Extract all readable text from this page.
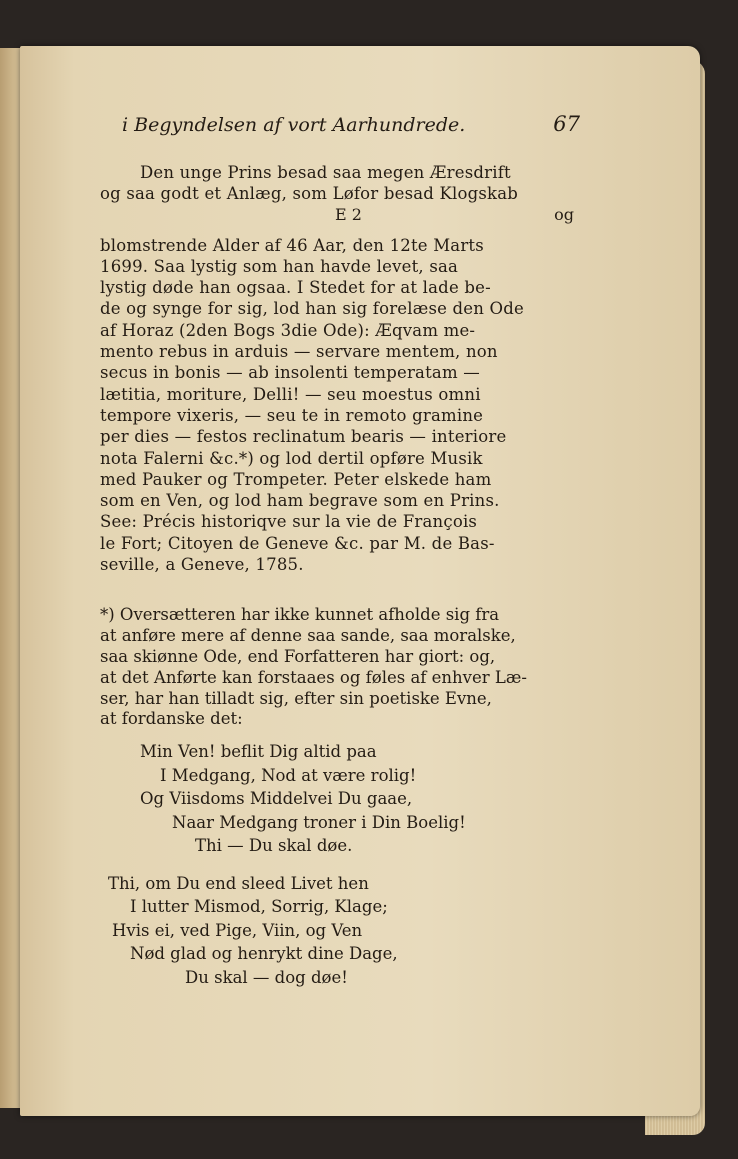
i Begyndelsen af vort Aarhundrede.	67

Den unge Prins besad saa megen Æresdrift

og saa godt et Anlæg, som Løfor besad Klogskab

E 2	og

blomstrende Alder af 46 Aar, den 12te Marts

1699. Saa lystig som han havde levet, saa

lystig døde han ogsaa. I Stedet for at lade be-

de og synge for sig, lod han sig forelæse den Ode

af Horaz (2den Bogs 3die Ode): Æqvam me-

mento rebus in arduis — servare mentem, non

secus in bonis — ab insolenti temperatam —

lætitia, moriture, Delli! — seu moestus omni

tempore vixeris, — seu te in remoto gramine

per dies — festos reclinatum bearis — interiore

nota Falerni &c.*) og lod dertil opføre Musik

med Pauker og Trompeter. Peter elskede ham

som en Ven, og lod ham begrave som en Prins.

See: Précis historiqve sur la vie de François

le Fort; Citoyen de Geneve &c. par M. de Bas-

seville, a Geneve, 1785.

*) Oversætteren har ikke kunnet afholde sig fra

at anføre mere af denne saa sande, saa moralske,

saa skiønne Ode, end Forfatteren har giort: og,

at det Anførte kan forstaaes og føles af enhver Læ-

ser, har han tilladt sig, efter sin poetiske Evne,

at fordanske det:

Min Ven! beflit Dig altid paa

I Medgang, Nod at være rolig!

Og Viisdoms Middelvei Du gaae,

Naar Medgang troner i Din Boelig!

Thi — Du skal døe.

Thi, om Du end sleed Livet hen

I lutter Mismod, Sorrig, Klage;

Hvis ei, ved Pige, Viin, og Ven

Nød glad og henrykt dine Dage,

Du skal — dog døe!
